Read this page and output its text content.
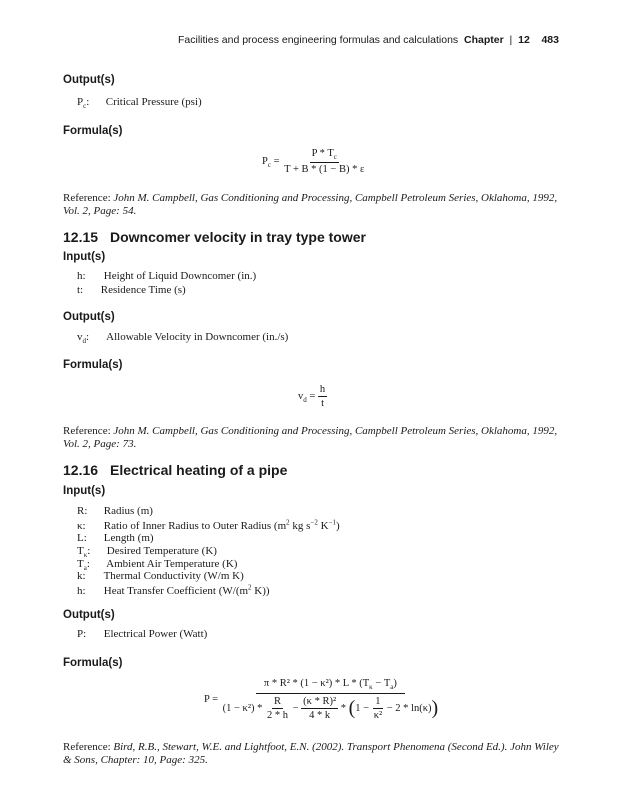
Facilities and process engineering formulas and calculations Chapter | 12 483
Output(s)
$P_c$: Critical Pressure (psi)
Formula(s)
$P_c = \frac{P * T_c}{T + B * (1 - B) * \varepsilon}$
Reference: John M. Campbell, Gas Conditioning and Processing, Campbell Petroleum Series, Oklahoma, 1992, Vol. 2, Page: 54.
12.15 Downcomer velocity in tray type tower
Input(s)
h: Height of Liquid Downcomer (in.)
t: Residence Time (s)
Output(s)
$v_d$: Allowable Velocity in Downcomer (in./s)
Formula(s)
$v_d = \frac{h}{t}$
Reference: John M. Campbell, Gas Conditioning and Processing, Campbell Petroleum Series, Oklahoma, 1992, Vol. 2, Page: 73.
12.16 Electrical heating of a pipe
Input(s)
R: Radius (m)
κ: Ratio of Inner Radius to Outer Radius ($m^2$ kg $s^{-2}$ $K^{-1}$)
L: Length (m)
$T_\kappa$: Desired Temperature (K)
$T_a$: Ambient Air Temperature (K)
k: Thermal Conductivity (W/m K)
h: Heat Transfer Coefficient ($W/(m^2$ K))
Output(s)
P: Electrical Power (Watt)
Formula(s)
P =
$\pi * R^2 * (1 - \kappa^2) * L * (T_\kappa - T_a)$
$(1 - \kappa^2) * \frac{R}{2 * h} - \frac{\text{(κ * R)²}}{4 * k} * (1 - \frac{1}{\text{κ²}} - 2 * \ln(\kappa))$
Reference: Bird, R.B., Stewart, W.E. and Lightfoot, E.N. (2002). Transport Phenomena (Second Ed.). John Wiley & Sons, Chapter: 10, Page: 325.
